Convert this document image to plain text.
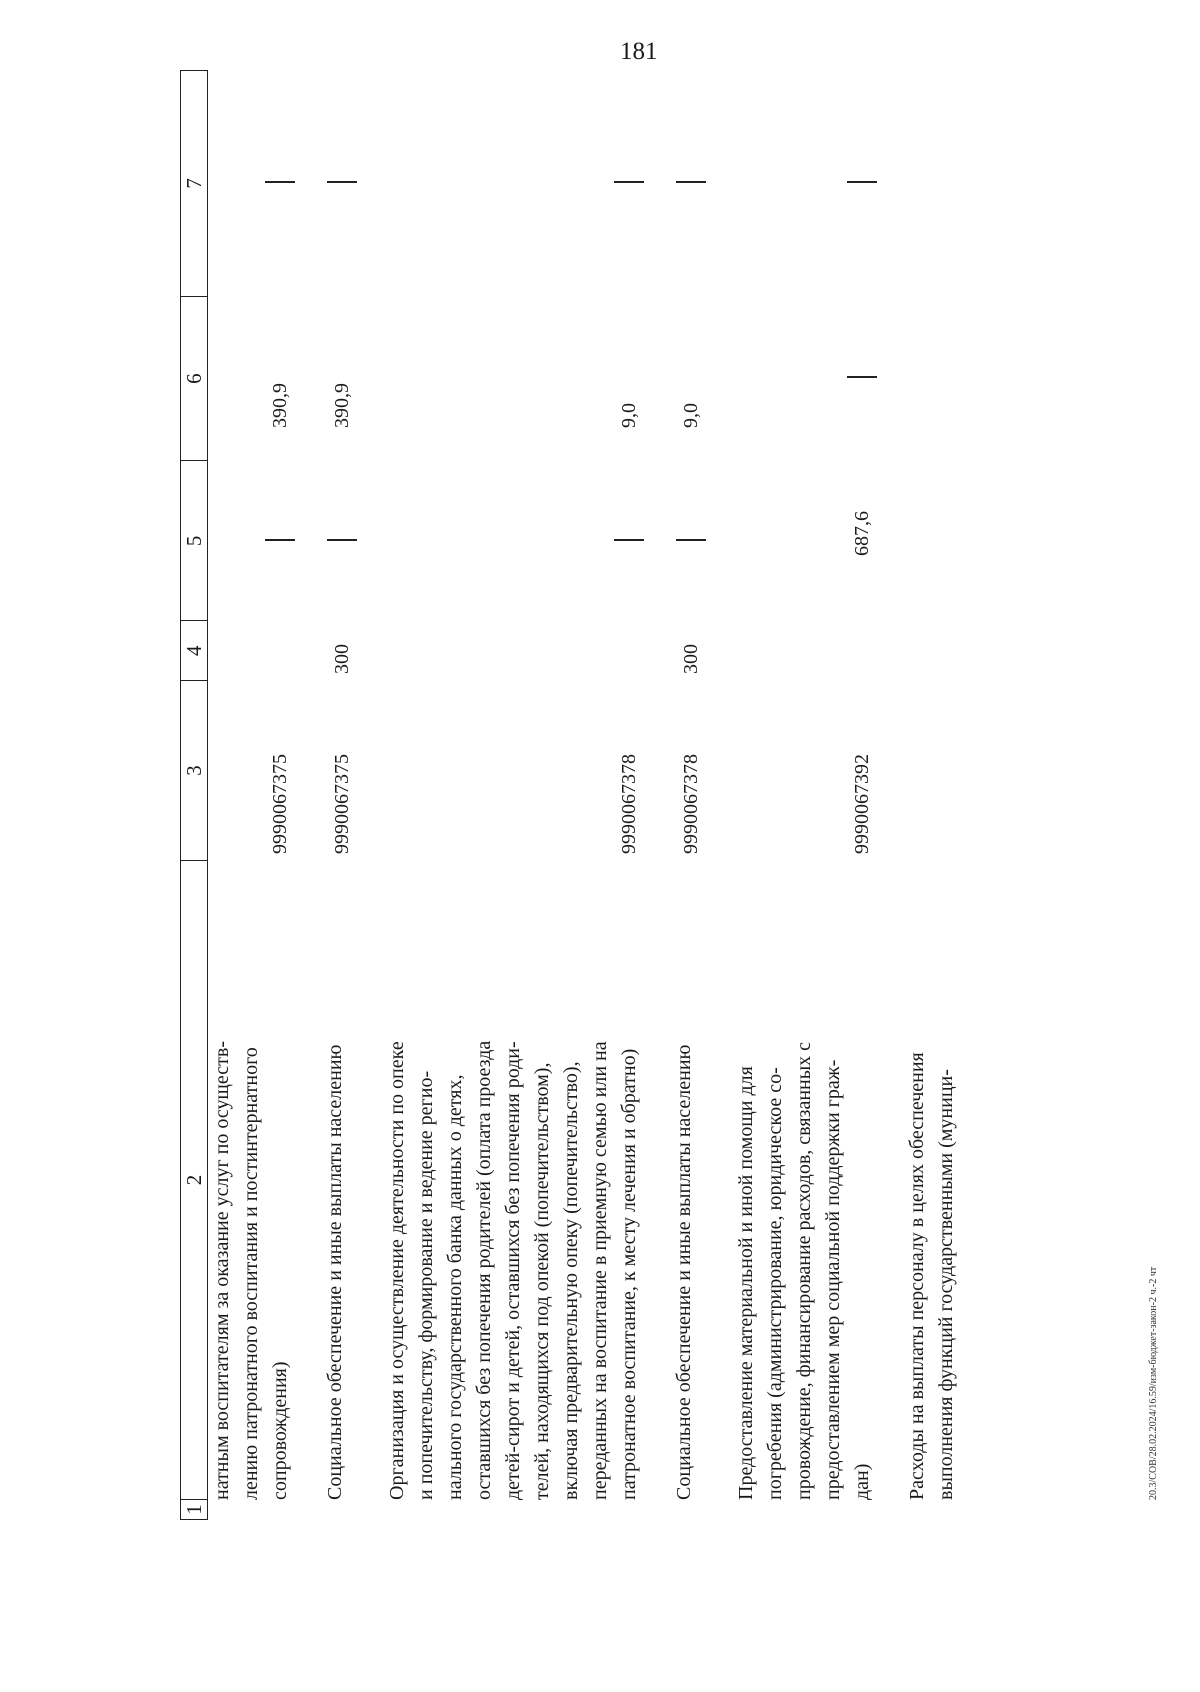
181
20.3/СОВ/28.02.2024/16.59/изм-бюджет-закон-2 ч.-2 чт
1
2
3
4
5
6
7
натным воспитателям за оказание услуг по осуществ- лению патронатного воспитания и постинтернатного сопровождения)
9990067375
390,9
Социальное обеспечение и иные выплаты населению
9990067375
300
390,9
Организация и осуществление деятельности по опеке и попечительству, формирование и ведение регио- нального государственного банка данных о детях, оставшихся без попечения родителей (оплата проезда детей-сирот и детей, оставшихся без попечения роди- телей, находящихся под опекой (попечительством), включая предварительную опеку (попечительство), переданных на воспитание в приемную семью или на патронатное воспитание, к месту лечения и обратно)
9990067378
9,0
Социальное обеспечение и иные выплаты населению
9990067378
300
9,0
Предоставление материальной и иной помощи для погребения (администрирование, юридическое со- провождение, финансирование расходов, связанных с предоставлением мер социальной поддержки граж- дан)
9990067392
687,6
Расходы на выплаты персоналу в целях обеспечения выполнения функций государственными (муници-
